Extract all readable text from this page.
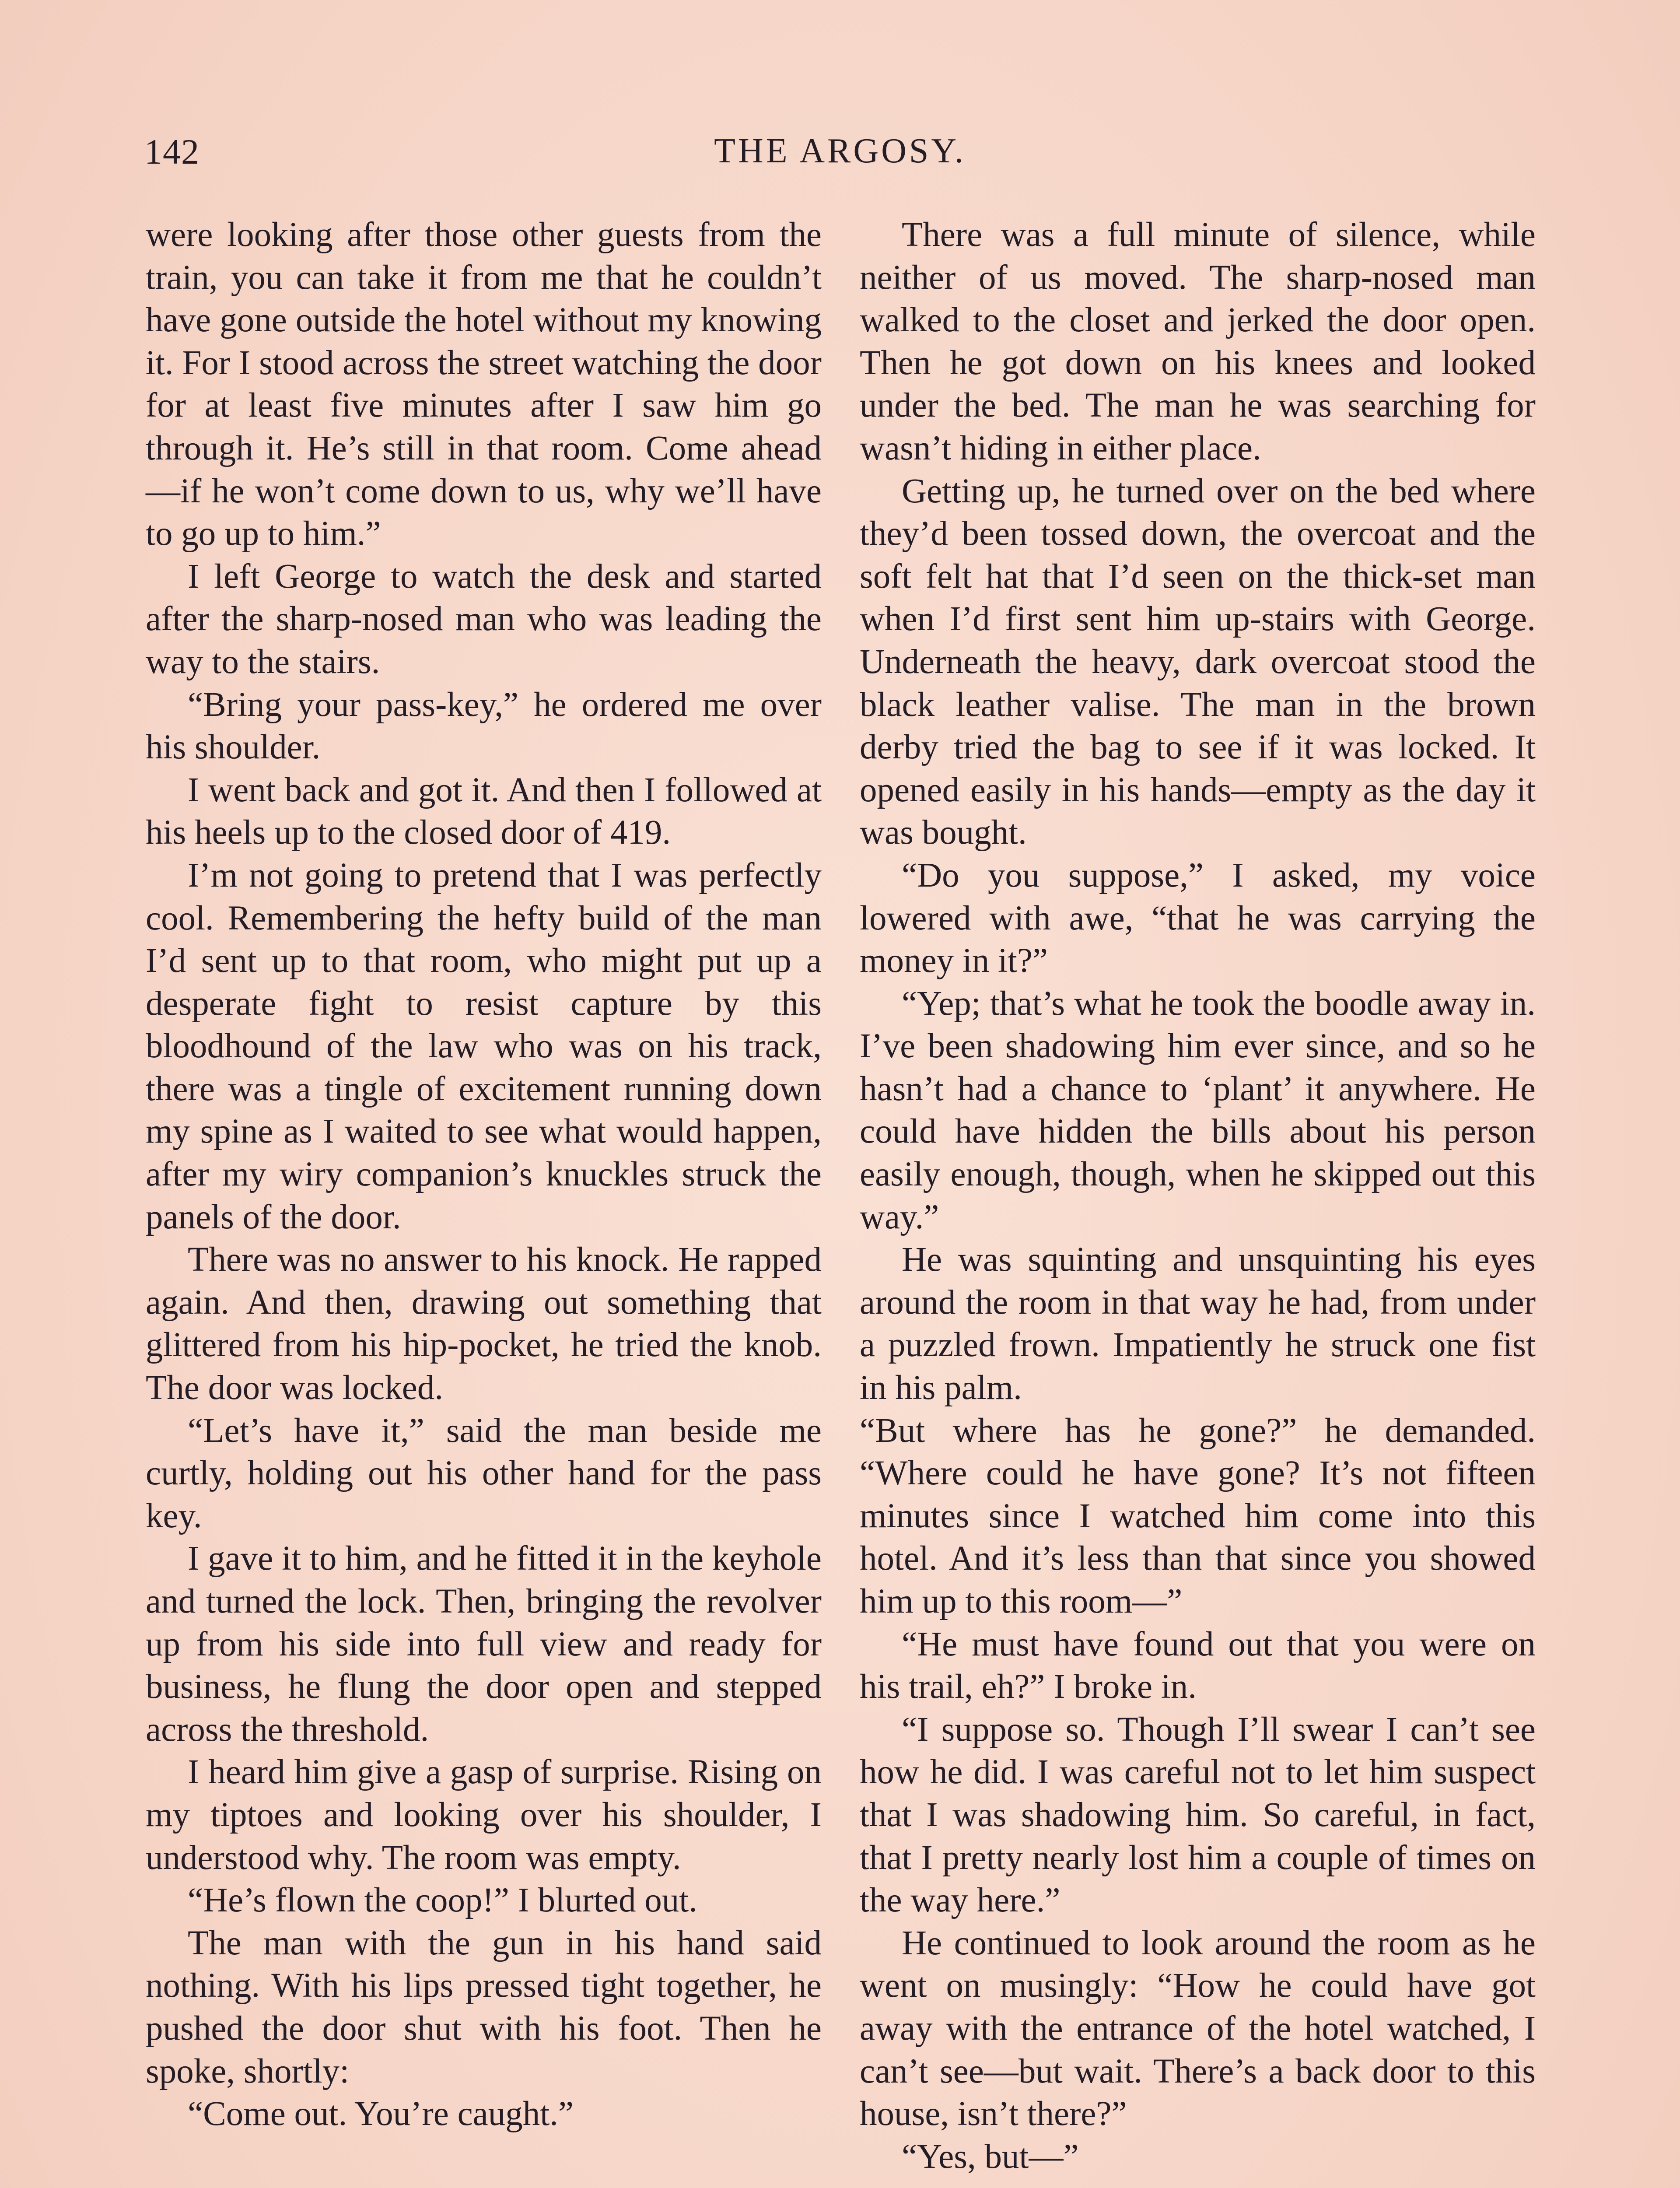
142	THE ARGOSY.

were looking after those other guests from the train, you can take it from me that he couldn’t have gone outside the hotel without my knowing it. For I stood across the street watching the door for at least five minutes after I saw him go through it. He’s still in that room. Come ahead—if he won’t come down to us, why we’ll have to go up to him.”

I left George to watch the desk and started after the sharp-nosed man who was leading the way to the stairs.

“Bring your pass-key,” he ordered me over his shoulder.

I went back and got it. And then I followed at his heels up to the closed door of 419.

I’m not going to pretend that I was perfectly cool. Remembering the hefty build of the man I’d sent up to that room, who might put up a desperate fight to resist capture by this bloodhound of the law who was on his track, there was a tingle of excitement running down my spine as I waited to see what would happen, after my wiry companion’s knuckles struck the panels of the door.

There was no answer to his knock. He rapped again. And then, drawing out something that glittered from his hip-pocket, he tried the knob. The door was locked.

“Let’s have it,” said the man beside me curtly, holding out his other hand for the pass key.

I gave it to him, and he fitted it in the keyhole and turned the lock. Then, bringing the revolver up from his side into full view and ready for business, he flung the door open and stepped across the threshold.

I heard him give a gasp of surprise. Rising on my tiptoes and looking over his shoulder, I understood why. The room was empty.

“He’s flown the coop!” I blurted out.

The man with the gun in his hand said nothing. With his lips pressed tight together, he pushed the door shut with his foot. Then he spoke, shortly:

“Come out. You’re caught.”

There was a full minute of silence, while neither of us moved. The sharp-nosed man walked to the closet and jerked the door open. Then he got down on his knees and looked under the bed. The man he was searching for wasn’t hiding in either place.

Getting up, he turned over on the bed where they’d been tossed down, the overcoat and the soft felt hat that I’d seen on the thick-set man when I’d first sent him up-stairs with George. Underneath the heavy, dark overcoat stood the black leather valise. The man in the brown derby tried the bag to see if it was locked. It opened easily in his hands—empty as the day it was bought.

“Do you suppose,” I asked, my voice lowered with awe, “that he was carrying the money in it?”

“Yep; that’s what he took the boodle away in. I’ve been shadowing him ever since, and so he hasn’t had a chance to ‘plant’ it anywhere. He could have hidden the bills about his person easily enough, though, when he skipped out this way.”

He was squinting and unsquinting his eyes around the room in that way he had, from under a puzzled frown. Impatiently he struck one fist in his palm.

“But where has he gone?” he demanded. “Where could he have gone? It’s not fifteen minutes since I watched him come into this hotel. And it’s less than that since you showed him up to this room—”

“He must have found out that you were on his trail, eh?” I broke in.

“I suppose so. Though I’ll swear I can’t see how he did. I was careful not to let him suspect that I was shadowing him. So careful, in fact, that I pretty nearly lost him a couple of times on the way here.”

He continued to look around the room as he went on musingly: “How he could have got away with the entrance of the hotel watched, I can’t see—but wait. There’s a back door to this house, isn’t there?”

“Yes, but—”
